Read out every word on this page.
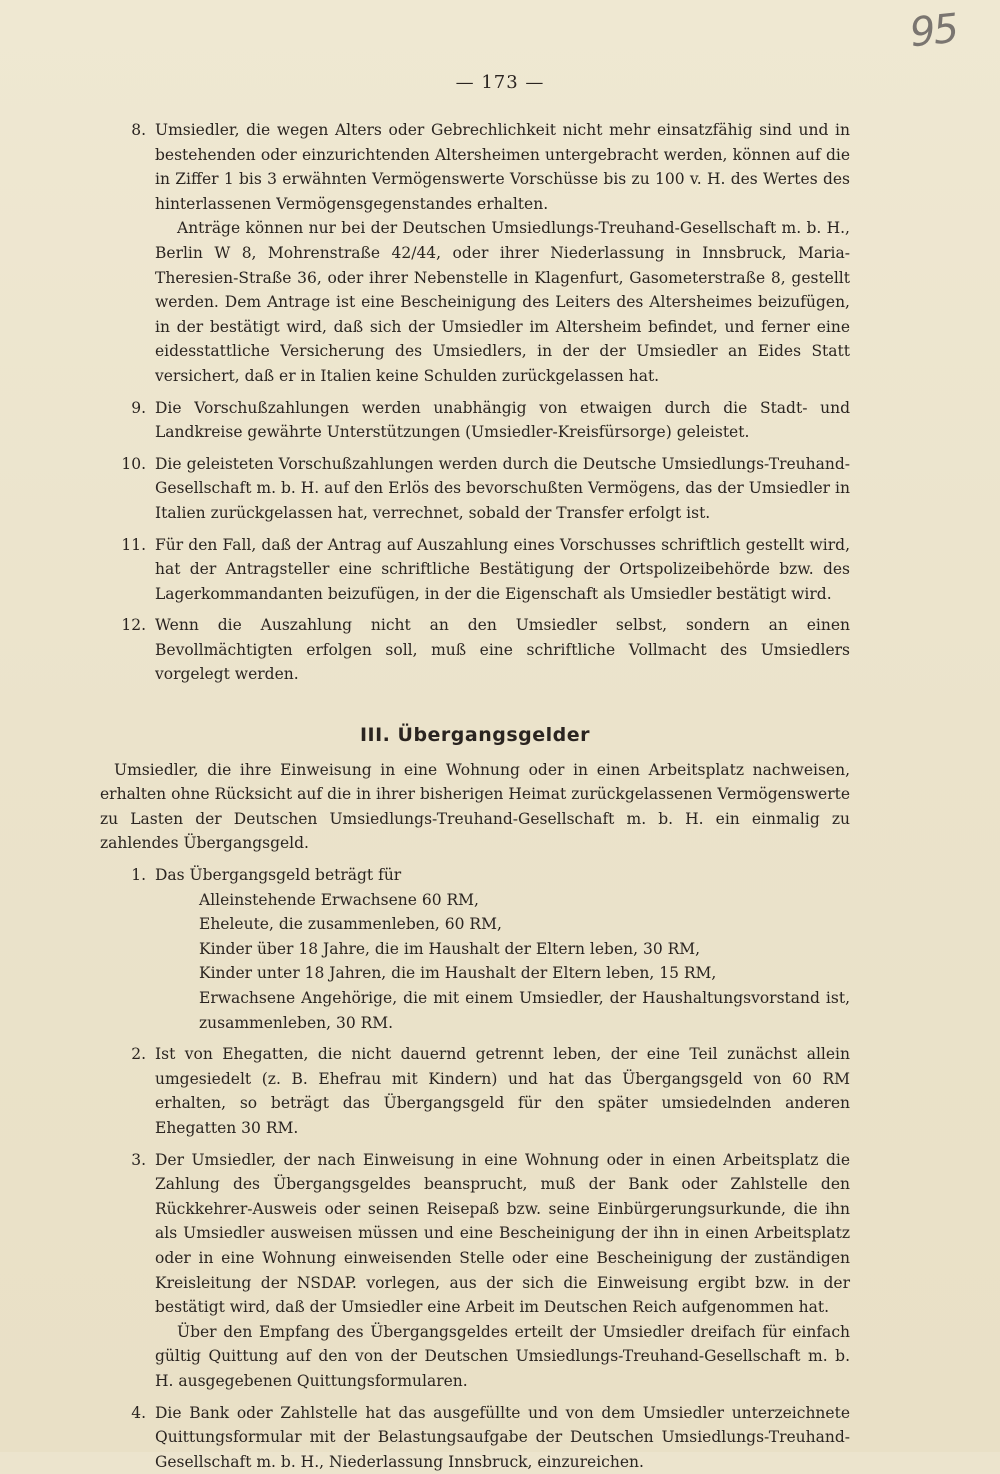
95
— 173 —
8. Umsiedler, die wegen Alters oder Gebrechlichkeit nicht mehr einsatzfähig sind und in bestehenden oder einzurichtenden Altersheimen untergebracht werden, können auf die in Ziffer 1 bis 3 erwähnten Vermögenswerte Vorschüsse bis zu 100 v. H. des Wertes des hinterlassenen Vermögensgegenstandes erhalten.

Anträge können nur bei der Deutschen Umsiedlungs-Treuhand-Gesellschaft m. b. H., Berlin W 8, Mohrenstraße 42/44, oder ihrer Niederlassung in Innsbruck, Maria-Theresien-Straße 36, oder ihrer Nebenstelle in Klagenfurt, Gasometerstraße 8, gestellt werden. Dem Antrage ist eine Bescheinigung des Leiters des Altersheimes beizufügen, in der bestätigt wird, daß sich der Umsiedler im Altersheim befindet, und ferner eine eidesstattliche Versicherung des Umsiedlers, in der der Umsiedler an Eides Statt versichert, daß er in Italien keine Schulden zurückgelassen hat.

9. Die Vorschußzahlungen werden unabhängig von etwaigen durch die Stadt- und Landkreise gewährte Unterstützungen (Umsiedler-Kreisfürsorge) geleistet.

10. Die geleisteten Vorschußzahlungen werden durch die Deutsche Umsiedlungs-Treuhand-Gesellschaft m. b. H. auf den Erlös des bevorschußten Vermögens, das der Umsiedler in Italien zurückgelassen hat, verrechnet, sobald der Transfer erfolgt ist.

11. Für den Fall, daß der Antrag auf Auszahlung eines Vorschusses schriftlich gestellt wird, hat der Antragsteller eine schriftliche Bestätigung der Ortspolizeibehörde bzw. des Lagerkommandanten beizufügen, in der die Eigenschaft als Umsiedler bestätigt wird.

12. Wenn die Auszahlung nicht an den Umsiedler selbst, sondern an einen Bevollmächtigten erfolgen soll, muß eine schriftliche Vollmacht des Umsiedlers vorgelegt werden.

III. Übergangsgelder

Umsiedler, die ihre Einweisung in eine Wohnung oder in einen Arbeitsplatz nachweisen, erhalten ohne Rücksicht auf die in ihrer bisherigen Heimat zurückgelassenen Vermögenswerte zu Lasten der Deutschen Umsiedlungs-Treuhand-Gesellschaft m. b. H. ein einmalig zu zahlendes Übergangsgeld.

1. Das Übergangsgeld beträgt für

Alleinstehende Erwachsene 60 RM,
Eheleute, die zusammenleben, 60 RM,
Kinder über 18 Jahre, die im Haushalt der Eltern leben, 30 RM,
Kinder unter 18 Jahren, die im Haushalt der Eltern leben, 15 RM,
Erwachsene Angehörige, die mit einem Umsiedler, der Haushaltungsvorstand ist, zusammenleben, 30 RM.
2. Ist von Ehegatten, die nicht dauernd getrennt leben, der eine Teil zunächst allein umgesiedelt (z. B. Ehefrau mit Kindern) und hat das Übergangsgeld von 60 RM erhalten, so beträgt das Übergangsgeld für den später umsiedelnden anderen Ehegatten 30 RM.

3. Der Umsiedler, der nach Einweisung in eine Wohnung oder in einen Arbeitsplatz die Zahlung des Übergangsgeldes beansprucht, muß der Bank oder Zahlstelle den Rückkehrer-Ausweis oder seinen Reisepaß bzw. seine Einbürgerungsurkunde, die ihn als Umsiedler ausweisen müssen und eine Bescheinigung der ihn in einen Arbeitsplatz oder in eine Wohnung einweisenden Stelle oder eine Bescheinigung der zuständigen Kreisleitung der NSDAP. vorlegen, aus der sich die Einweisung ergibt bzw. in der bestätigt wird, daß der Umsiedler eine Arbeit im Deutschen Reich aufgenommen hat.

Über den Empfang des Übergangsgeldes erteilt der Umsiedler dreifach für einfach gültig Quittung auf den von der Deutschen Umsiedlungs-Treuhand-Gesellschaft m. b. H. ausgegebenen Quittungsformularen.

4. Die Bank oder Zahlstelle hat das ausgefüllte und von dem Umsiedler unterzeichnete Quittungsformular mit der Belastungsaufgabe der Deutschen Umsiedlungs-Treuhand-Gesellschaft m. b. H., Niederlassung Innsbruck, einzureichen.
